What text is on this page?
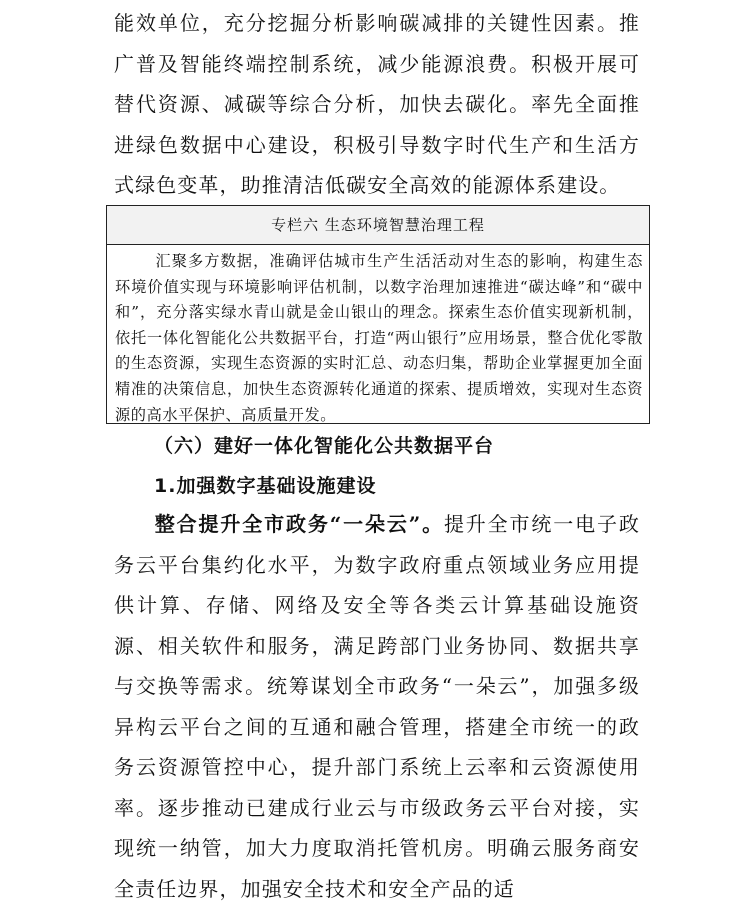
能效单位，充分挖掘分析影响碳减排的关键性因素。推广普及智能终端控制系统，减少能源浪费。积极开展可替代资源、减碳等综合分析，加快去碳化。率先全面推进绿色数据中心建设，积极引导数字时代生产和生活方式绿色变革，助推清洁低碳安全高效的能源体系建设。

专栏六 生态环境智慧治理工程
汇聚多方数据，准确评估城市生产生活活动对生态的影响，构建生态环境价值实现与环境影响评估机制，以数字治理加速推进“碳达峰”和“碳中和”，充分落实绿水青山就是金山银山的理念。探索生态价值实现新机制，依托一体化智能化公共数据平台，打造“两山银行”应用场景，整合优化零散的生态资源，实现生态资源的实时汇总、动态归集，帮助企业掌握更加全面精准的决策信息，加快生态资源转化通道的探索、提质增效，实现对生态资源的高水平保护、高质量开发。
（六）建好一体化智能化公共数据平台
1.加强数字基础设施建设

整合提升全市政务“一朵云”。提升全市统一电子政务云平台集约化水平，为数字政府重点领域业务应用提供计算、存储、网络及安全等各类云计算基础设施资源、相关软件和服务，满足跨部门业务协同、数据共享与交换等需求。统筹谋划全市政务“一朵云”，加强多级异构云平台之间的互通和融合管理，搭建全市统一的政务云资源管控中心，提升部门系统上云率和云资源使用率。逐步推动已建成行业云与市级政务云平台对接，实现统一纳管，加大力度取消托管机房。明确云服务商安全责任边界，加强安全技术和安全产品的适
